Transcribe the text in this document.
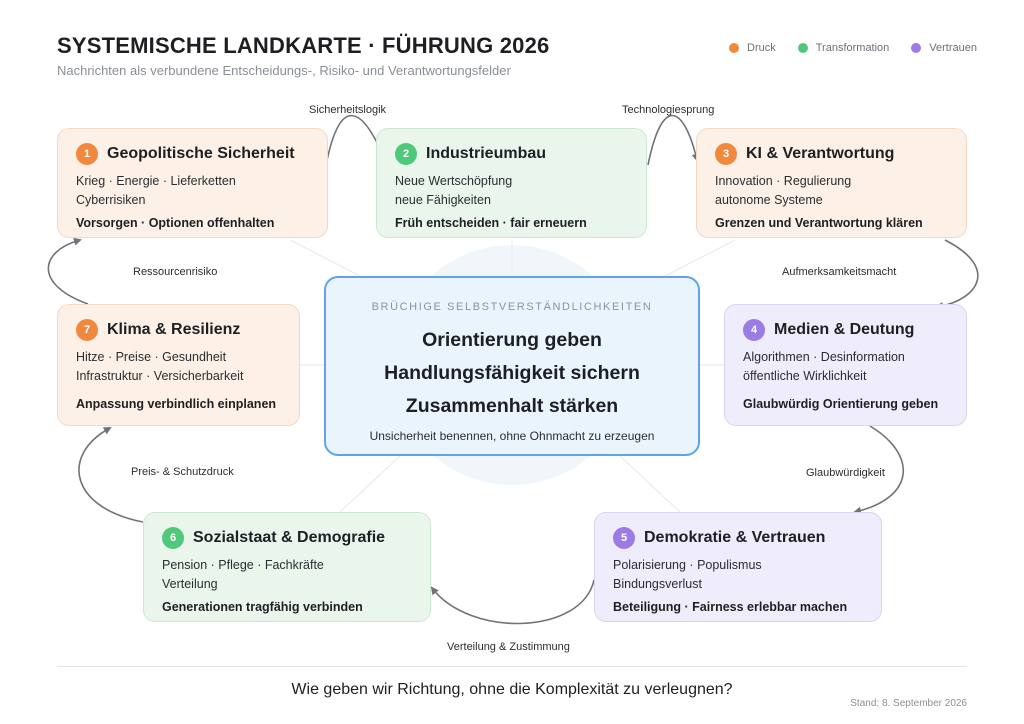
SYSTEMISCHE LANDKARTE · FÜHRUNG 2026
Nachrichten als verbundene Entscheidungs-, Risiko- und Verantwortungsfelder
Druck	Transformation	Vertrauen
Sicherheitslogik	Technologiesprung
Aufmerksamkeitsmacht
Glaubwürdigkeit
Verteilung & Zustimmung
Preis- & Schutzdruck
Ressourcenrisiko
1	Geopolitische Sicherheit
Krieg · Energie · Lieferketten
Cyberrisiken
Vorsorgen · Optionen offenhalten
2	Industrieumbau
Neue Wertschöpfung
neue Fähigkeiten
Früh entscheiden · fair erneuern
3	KI & Verantwortung
Innovation · Regulierung
autonome Systeme
Grenzen und Verantwortung klären
7	Klima & Resilienz
Hitze · Preise · Gesundheit
Infrastruktur · Versicherbarkeit
Anpassung verbindlich einplanen
4	Medien & Deutung
Algorithmen · Desinformation
öffentliche Wirklichkeit
Glaubwürdig Orientierung geben
BRÜCHIGE SELBSTVERSTÄNDLICHKEITEN
Orientierung geben
Handlungsfähigkeit sichern
Zusammenhalt stärken
Unsicherheit benennen, ohne Ohnmacht zu erzeugen
6	Sozialstaat & Demografie
Pension · Pflege · Fachkräfte
Verteilung
Generationen tragfähig verbinden
5	Demokratie & Vertrauen
Polarisierung · Populismus
Bindungsverlust
Beteiligung · Fairness erlebbar machen
Wie geben wir Richtung, ohne die Komplexität zu verleugnen?
Stand: 8. September 2026
